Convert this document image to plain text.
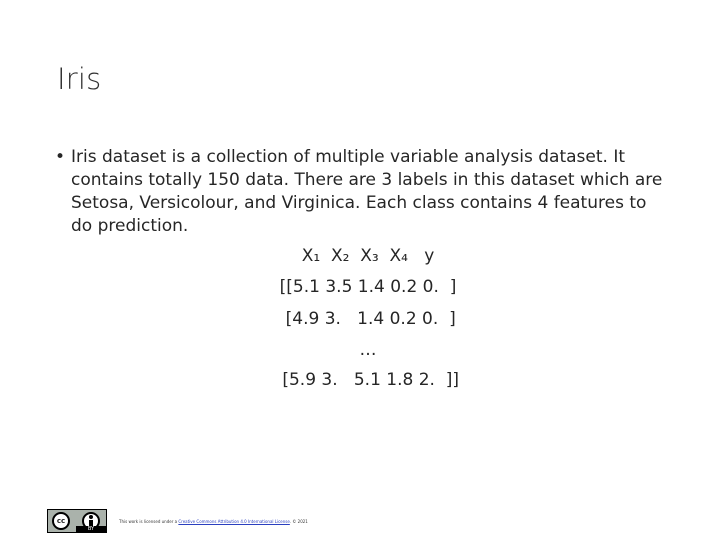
Iris
• Iris dataset is a collection of multiple variable analysis dataset. It contains totally 150 data. There are 3 labels in this dataset which are Setosa, Versicolour, and Virginica. Each class contains 4 features to do prediction.

X₁  X₂  X₃  X₄   y

[[5.1 3.5 1.4 0.2 0.  ]

[4.9 3.   1.4 0.2 0.  ]

…

[5.9 3.   5.1 1.8 2.  ]]

cc
BY
This work is licensed under a Creative Commons Attribution 4.0 International License. © 2021
